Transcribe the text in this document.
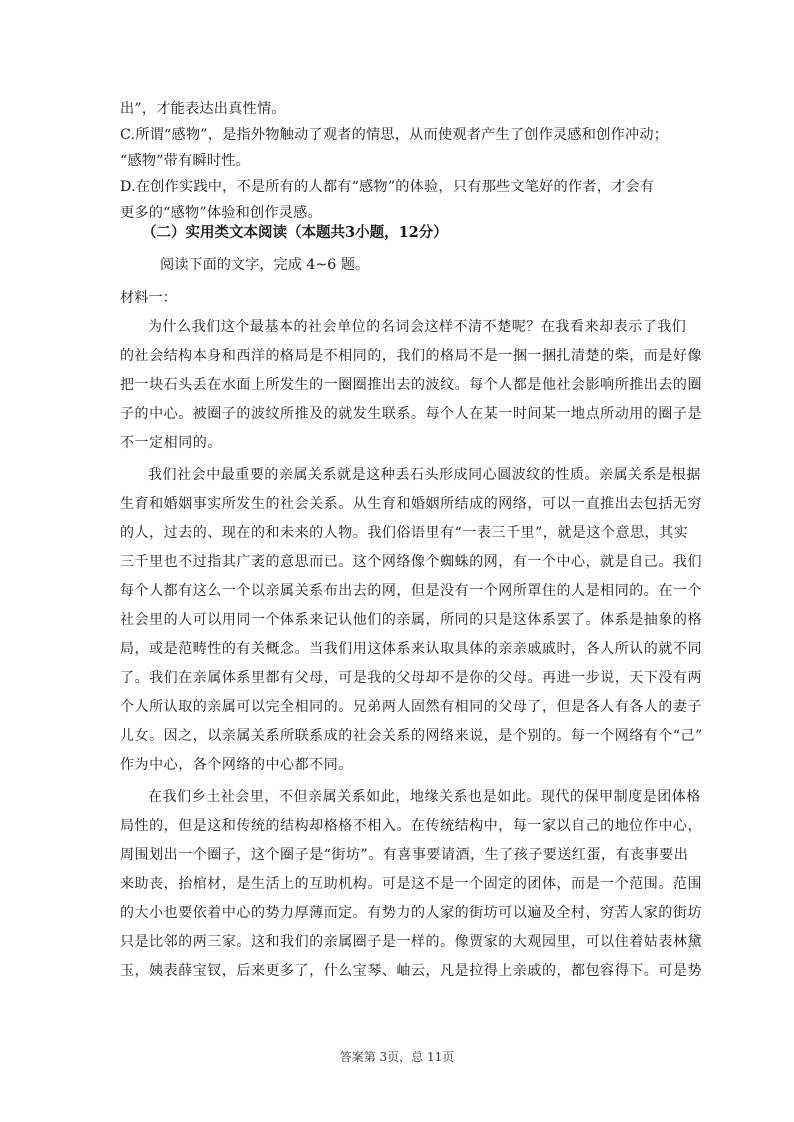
出”，才能表达出真性情。
C.所谓“感物”，是指外物触动了观者的情思，从而使观者产生了创作灵感和创作冲动；
“感物”带有瞬时性。
D.在创作实践中，不是所有的人都有“感物”的体验，只有那些文笔好的作者，才会有
更多的“感物”体验和创作灵感。
（二）实用类文本阅读（本题共3小题，12分）
阅读下面的文字，完成 4~6 题。
材料一：
为什么我们这个最基本的社会单位的名词会这样不清不楚呢？在我看来却表示了我们
的社会结构本身和西洋的格局是不相同的，我们的格局不是一捆一捆扎清楚的柴，而是好像
把一块石头丢在水面上所发生的一圈圈推出去的波纹。每个人都是他社会影响所推出去的圈
子的中心。被圈子的波纹所推及的就发生联系。每个人在某一时间某一地点所动用的圈子是
不一定相同的。
我们社会中最重要的亲属关系就是这种丢石头形成同心圆波纹的性质。亲属关系是根据
生育和婚姻事实所发生的社会关系。从生育和婚姻所结成的网络，可以一直推出去包括无穷
的人，过去的、现在的和未来的人物。我们俗语里有“一表三千里”，就是这个意思，其实
三千里也不过指其广袤的意思而已。这个网络像个蜘蛛的网，有一个中心，就是自己。我们
每个人都有这么一个以亲属关系布出去的网，但是没有一个网所罩住的人是相同的。在一个
社会里的人可以用同一个体系来记认他们的亲属，所同的只是这体系罢了。体系是抽象的格
局，或是范畴性的有关概念。当我们用这体系来认取具体的亲亲戚戚时，各人所认的就不同
了。我们在亲属体系里都有父母，可是我的父母却不是你的父母。再进一步说，天下没有两
个人所认取的亲属可以完全相同的。兄弟两人固然有相同的父母了，但是各人有各人的妻子
儿女。因之，以亲属关系所联系成的社会关系的网络来说，是个别的。每一个网络有个“己”
作为中心，各个网络的中心都不同。
在我们乡土社会里，不但亲属关系如此，地缘关系也是如此。现代的保甲制度是团体格
局性的，但是这和传统的结构却格格不相入。在传统结构中，每一家以自己的地位作中心，
周围划出一个圈子，这个圈子是“街坊”。有喜事要请酒，生了孩子要送红蛋，有丧事要出
来助丧，抬棺材，是生活上的互助机构。可是这不是一个固定的团体，而是一个范围。范围
的大小也要依着中心的势力厚薄而定。有势力的人家的街坊可以遍及全村，穷苦人家的街坊
只是比邻的两三家。这和我们的亲属圈子是一样的。像贾家的大观园里，可以住着姑表林黛
玉，姨表薛宝钗，后来更多了，什么宝琴、岫云，凡是拉得上亲戚的，都包容得下。可是势
答案第 3页，总 11页
